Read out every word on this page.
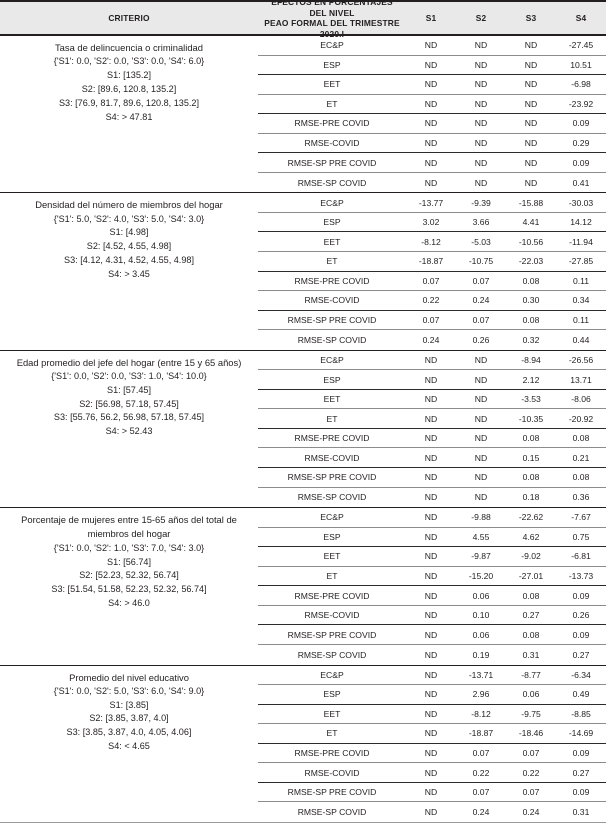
CRITERIO
EFECTOS EN PORCENTAJES DEL NIVEL
PEAO FORMAL DEL TRIMESTRE 2020.I
S1	S2	S3	S4
Tasa de delincuencia o criminalidad
{'S1': 0.0, 'S2': 0.0, 'S3': 0.0, 'S4': 6.0}
S1: [135.2]
S2: [89.6, 120.8, 135.2]
S3: [76.9, 81.7, 89.6, 120.8, 135.2]
S4: > 47.81
EC&P	ND	ND	ND	-27.45
ESP	ND	ND	ND	10.51
EET	ND	ND	ND	-6.98
ET	ND	ND	ND	-23.92
RMSE-PRE COVID	ND	ND	ND	0.09
RMSE-COVID	ND	ND	ND	0.29
RMSE-SP PRE COVID	ND	ND	ND	0.09
RMSE-SP COVID	ND	ND	ND	0.41
Densidad del número de miembros del hogar
{'S1': 5.0, 'S2': 4.0, 'S3': 5.0, 'S4': 3.0}
S1: [4.98]
S2: [4.52, 4.55, 4.98]
S3: [4.12, 4.31, 4.52, 4.55, 4.98]
S4: > 3.45
EC&P	-13.77	-9.39	-15.88	-30.03
ESP	3.02	3.66	4.41	14.12
EET	-8.12	-5.03	-10.56	-11.94
ET	-18.87	-10.75	-22.03	-27.85
RMSE-PRE COVID	0.07	0.07	0.08	0.11
RMSE-COVID	0.22	0.24	0.30	0.34
RMSE-SP PRE COVID	0.07	0.07	0.08	0.11
RMSE-SP COVID	0.24	0.26	0.32	0.44
Edad promedio del jefe del hogar (entre 15 y 65 años)
{'S1': 0.0, 'S2': 0.0, 'S3': 1.0, 'S4': 10.0}
S1: [57.45]
S2: [56.98, 57.18, 57.45]
S3: [55.76, 56.2, 56.98, 57.18, 57.45]
S4: > 52.43
EC&P	ND	ND	-8.94	-26.56
ESP	ND	ND	2.12	13.71
EET	ND	ND	-3.53	-8.06
ET	ND	ND	-10.35	-20.92
RMSE-PRE COVID	ND	ND	0.08	0.08
RMSE-COVID	ND	ND	0.15	0.21
RMSE-SP PRE COVID	ND	ND	0.08	0.08
RMSE-SP COVID	ND	ND	0.18	0.36
Porcentaje de mujeres entre 15-65 años del total de miembros del hogar
{'S1': 0.0, 'S2': 1.0, 'S3': 7.0, 'S4': 3.0}
S1: [56.74]
S2: [52.23, 52.32, 56.74]
S3: [51.54, 51.58, 52.23, 52.32, 56.74]
S4: > 46.0
EC&P	ND	-9.88	-22.62	-7.67
ESP	ND	4.55	4.62	0.75
EET	ND	-9.87	-9.02	-6.81
ET	ND	-15.20	-27.01	-13.73
RMSE-PRE COVID	ND	0.06	0.08	0.09
RMSE-COVID	ND	0.10	0.27	0.26
RMSE-SP PRE COVID	ND	0.06	0.08	0.09
RMSE-SP COVID	ND	0.19	0.31	0.27
Promedio del nivel educativo
{'S1': 0.0, 'S2': 5.0, 'S3': 6.0, 'S4': 9.0}
S1: [3.85]
S2: [3.85, 3.87, 4.0]
S3: [3.85, 3.87, 4.0, 4.05, 4.06]
S4: < 4.65
EC&P	ND	-13.71	-8.77	-6.34
ESP	ND	2.96	0.06	0.49
EET	ND	-8.12	-9.75	-8.85
ET	ND	-18.87	-18.46	-14.69
RMSE-PRE COVID	ND	0.07	0.07	0.09
RMSE-COVID	ND	0.22	0.22	0.27
RMSE-SP PRE COVID	ND	0.07	0.07	0.09
RMSE-SP COVID	ND	0.24	0.24	0.31
